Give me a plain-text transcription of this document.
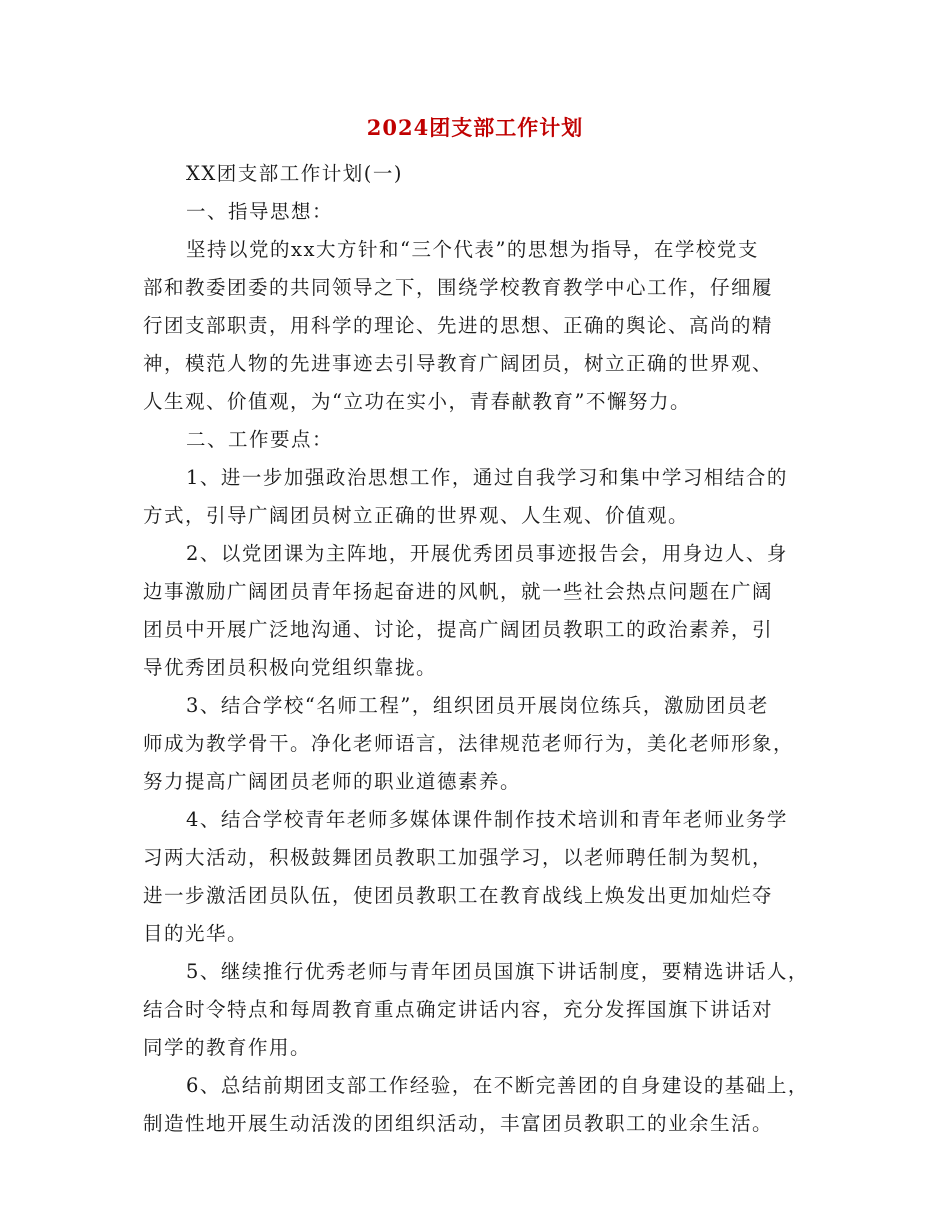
2024团支部工作计划
XX团支部工作计划(一)
一、指导思想：
坚持以党的xx大方针和“三个代表”的思想为指导，在学校党支
部和教委团委的共同领导之下，围绕学校教育教学中心工作，仔细履
行团支部职责，用科学的理论、先进的思想、正确的舆论、高尚的精
神，模范人物的先进事迹去引导教育广阔团员，树立正确的世界观、
人生观、价值观，为“立功在实小，青春献教育”不懈努力。
二、工作要点：
1、进一步加强政治思想工作，通过自我学习和集中学习相结合的
方式，引导广阔团员树立正确的世界观、人生观、价值观。
2、以党团课为主阵地，开展优秀团员事迹报告会，用身边人、身
边事激励广阔团员青年扬起奋进的风帆，就一些社会热点问题在广阔
团员中开展广泛地沟通、讨论，提高广阔团员教职工的政治素养，引
导优秀团员积极向党组织靠拢。
3、结合学校“名师工程”，组织团员开展岗位练兵，激励团员老
师成为教学骨干。净化老师语言，法律规范老师行为，美化老师形象，
努力提高广阔团员老师的职业道德素养。
4、结合学校青年老师多媒体课件制作技术培训和青年老师业务学
习两大活动，积极鼓舞团员教职工加强学习，以老师聘任制为契机，
进一步激活团员队伍，使团员教职工在教育战线上焕发出更加灿烂夺
目的光华。
5、继续推行优秀老师与青年团员国旗下讲话制度，要精选讲话人，
结合时令特点和每周教育重点确定讲话内容，充分发挥国旗下讲话对
同学的教育作用。
6、总结前期团支部工作经验，在不断完善团的自身建设的基础上，
制造性地开展生动活泼的团组织活动，丰富团员教职工的业余生活。
